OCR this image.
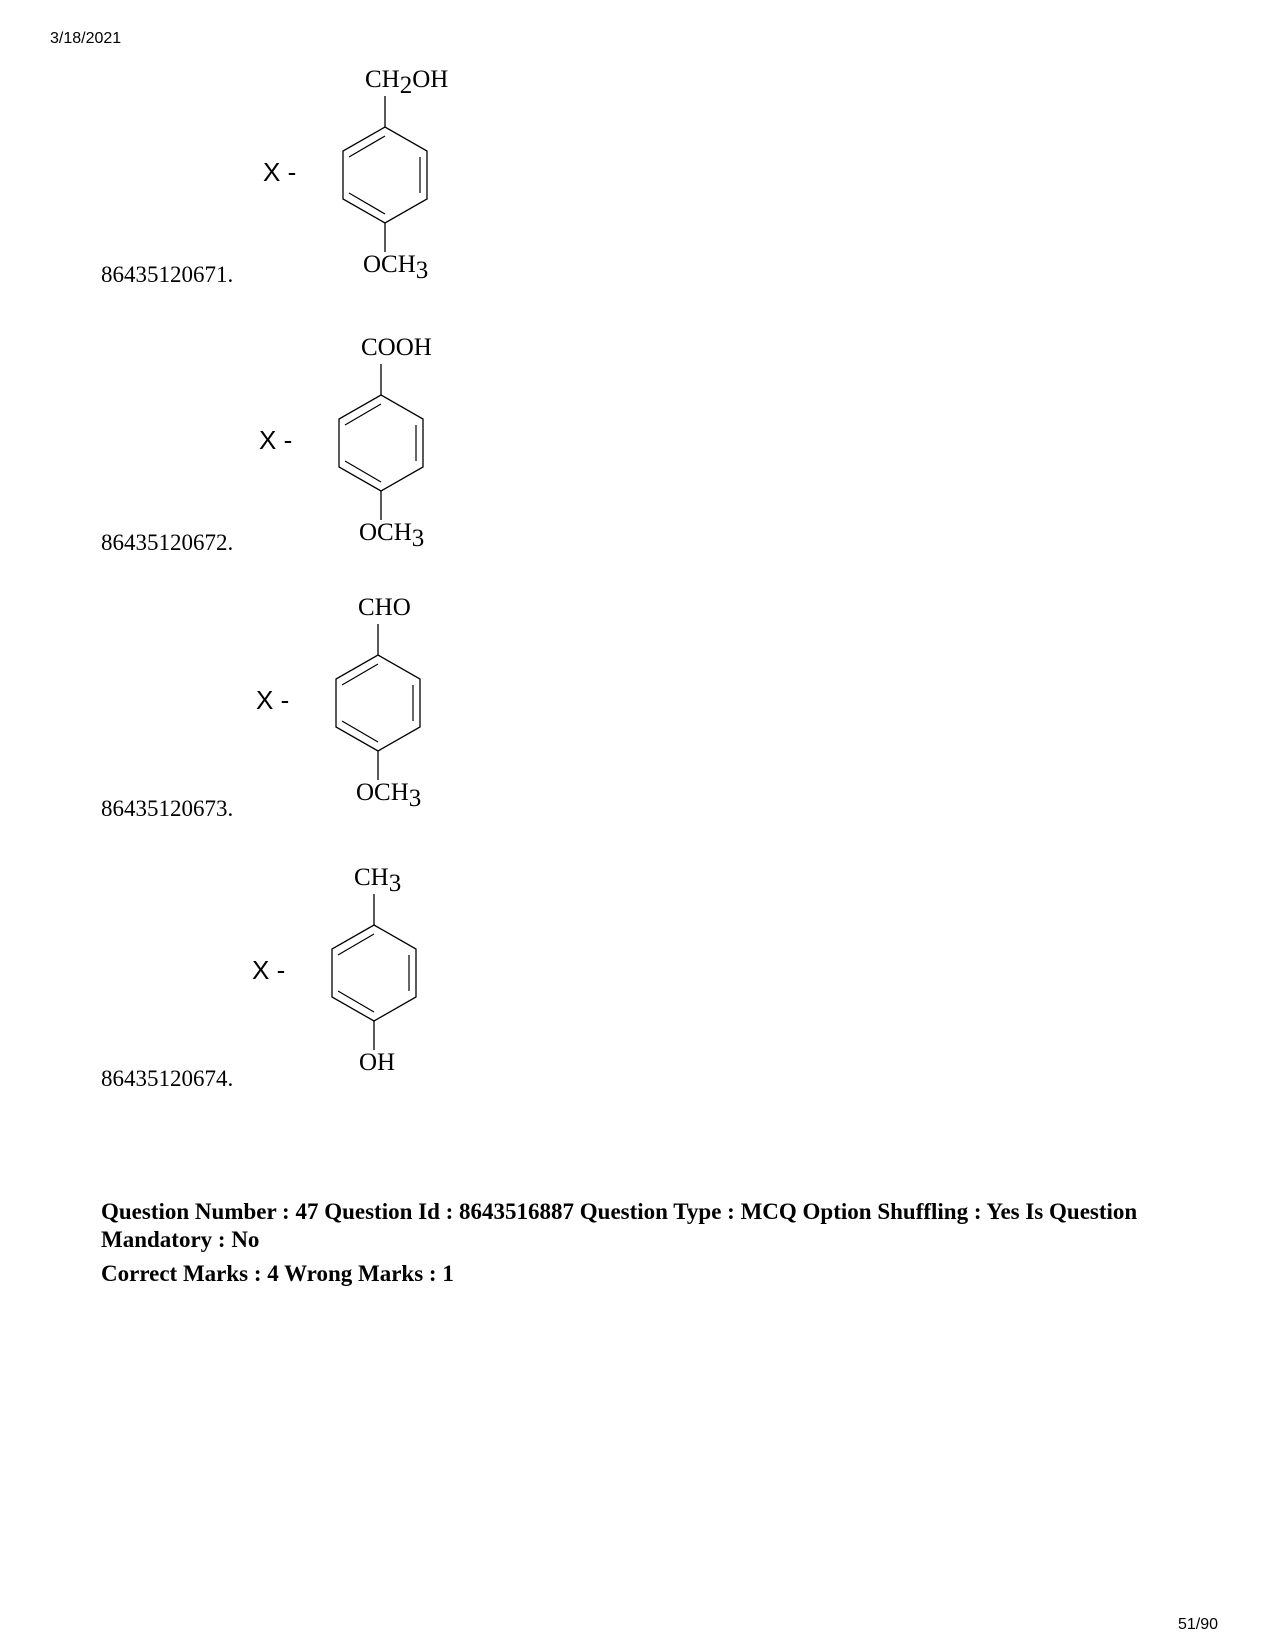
3/18/2021
X -
CH2OH
OCH3
86435120671.
X -
COOH
OCH3
86435120672.
X -
CHO
OCH3
86435120673.
X -
CH3
OH
86435120674.
Question Number : 47 Question Id : 8643516887 Question Type : MCQ Option Shuffling : Yes Is Question Mandatory : No
Correct Marks : 4 Wrong Marks : 1
51/90
